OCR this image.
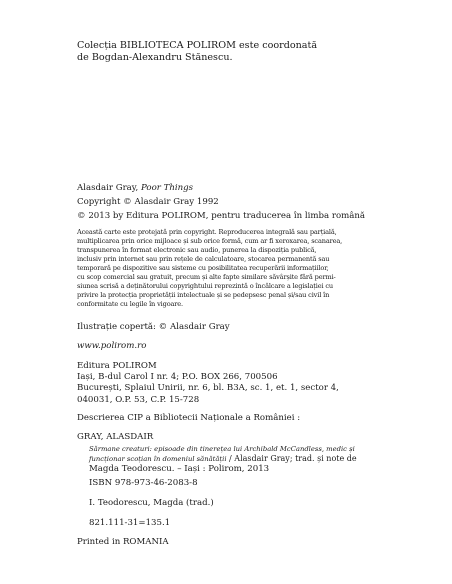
Colecția BIBLIOTECA POLIROM este coordonată
de Bogdan-Alexandru Stănescu.
Alasdair Gray, Poor Things
Copyright © Alasdair Gray 1992
© 2013 by Editura POLIROM, pentru traducerea în limba română
Această carte este protejată prin copyright. Reproducerea integrală sau parțială,
multiplicarea prin orice mijloace și sub orice formă, cum ar fi xeroxarea, scanarea,
transpunerea în format electronic sau audio, punerea la dispoziția publică,
inclusiv prin internet sau prin rețele de calculatoare, stocarea permanentă sau
temporară pe dispozitive sau sisteme cu posibilitatea recuperării informațiilor,
cu scop comercial sau gratuit, precum și alte fapte similare săvârșite fără permi-
siunea scrisă a deținătorului copyrightului reprezintă o încălcare a legislației cu
privire la protecția proprietății intelectuale și se pedepsesc penal și/sau civil în
conformitate cu legile în vigoare.
Ilustrație copertă: © Alasdair Gray
www.polirom.ro
Editura POLIROM
Iași, B-dul Carol I nr. 4; P.O. BOX 266, 700506
București, Splaiul Unirii, nr. 6, bl. B3A, sc. 1, et. 1, sector 4,
040031, O.P. 53, C.P. 15-728
Descrierea CIP a Bibliotecii Naționale a României :
GRAY, ALASDAIR
Sărmane creaturi: episoade din tinerețea lui Archibald McCandless, medic și
funcționar scoțian în domeniul sănătății / Alasdair Gray; trad. și note de
Magda Teodorescu. – Iași : Polirom, 2013
ISBN 978-973-46-2083-8
I. Teodorescu, Magda (trad.)
821.111-31=135.1
Printed in ROMANIA
